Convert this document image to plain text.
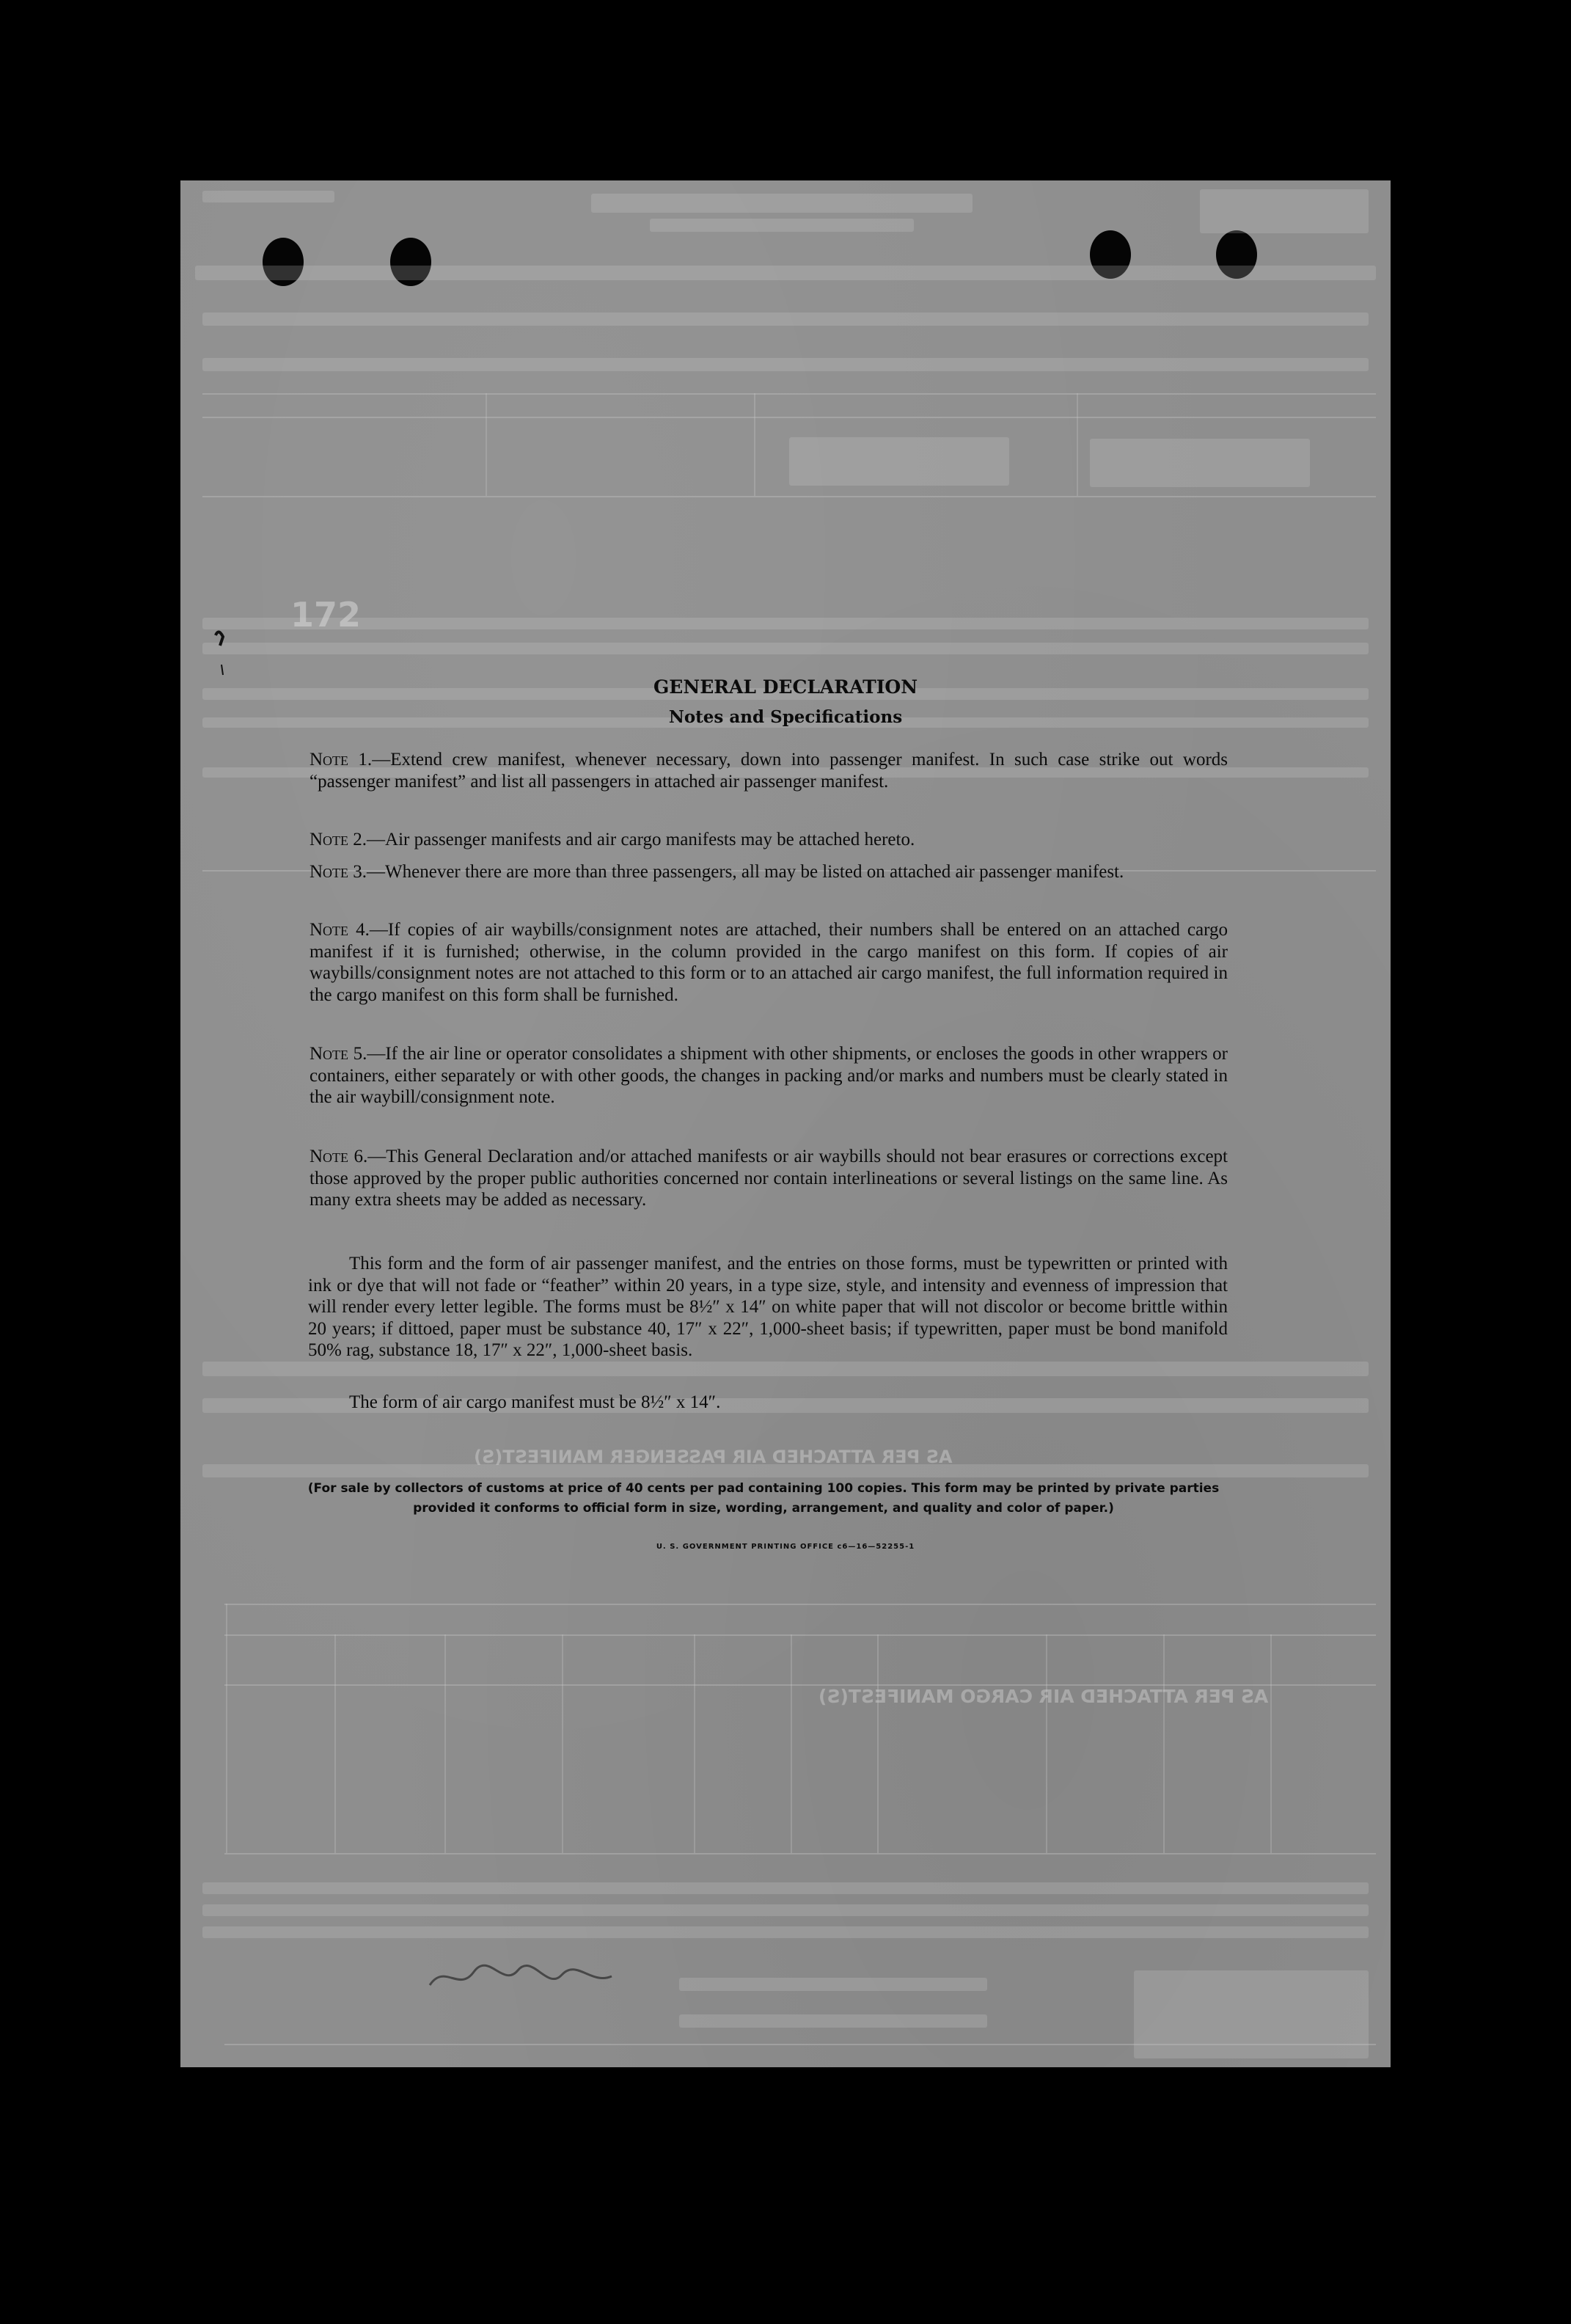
AS PER ATTACHED AIR CARGO MANIFEST(S)
172
GENERAL DECLARATION
Notes and Specifications
Note 1.—Extend crew manifest, whenever necessary, down into passenger manifest. In such case strike out words “passenger manifest” and list all passengers in attached air passenger manifest.
Note 2.—Air passenger manifests and air cargo manifests may be attached hereto.
Note 3.—Whenever there are more than three passengers, all may be listed on attached air passenger manifest.
Note 4.—If copies of air waybills/consignment notes are attached, their numbers shall be entered on an attached cargo manifest if it is furnished; otherwise, in the column provided in the cargo manifest on this form. If copies of air waybills/consignment notes are not attached to this form or to an attached air cargo manifest, the full information required in the cargo manifest on this form shall be furnished.
Note 5.—If the air line or operator consolidates a shipment with other shipments, or encloses the goods in other wrappers or containers, either separately or with other goods, the changes in packing and/or marks and numbers must be clearly stated in the air waybill/consignment note.
Note 6.—This General Declaration and/or attached manifests or air waybills should not bear erasures or corrections except those approved by the proper public authorities concerned nor contain interlineations or several listings on the same line. As many extra sheets may be added as necessary.
This form and the form of air passenger manifest, and the entries on those forms, must be typewritten or printed with ink or dye that will not fade or “feather” within 20 years, in a type size, style, and intensity and evenness of impression that will render every letter legible. The forms must be 8½″ x 14″ on white paper that will not discolor or become brittle within 20 years; if dittoed, paper must be substance 40, 17″ x 22″, 1,000-sheet basis; if typewritten, paper must be bond manifold 50% rag, substance 18, 17″ x 22″, 1,000-sheet basis.
The form of air cargo manifest must be 8½″ x 14″.
AS PER ATTACHED AIR PASSENGER MANIFEST(S)
(For sale by collectors of customs at price of 40 cents per pad containing 100 copies. This form may be printed by private parties provided it conforms to official form in size, wording, arrangement, and quality and color of paper.)
U. S. GOVERNMENT PRINTING OFFICE c6—16—52255-1
